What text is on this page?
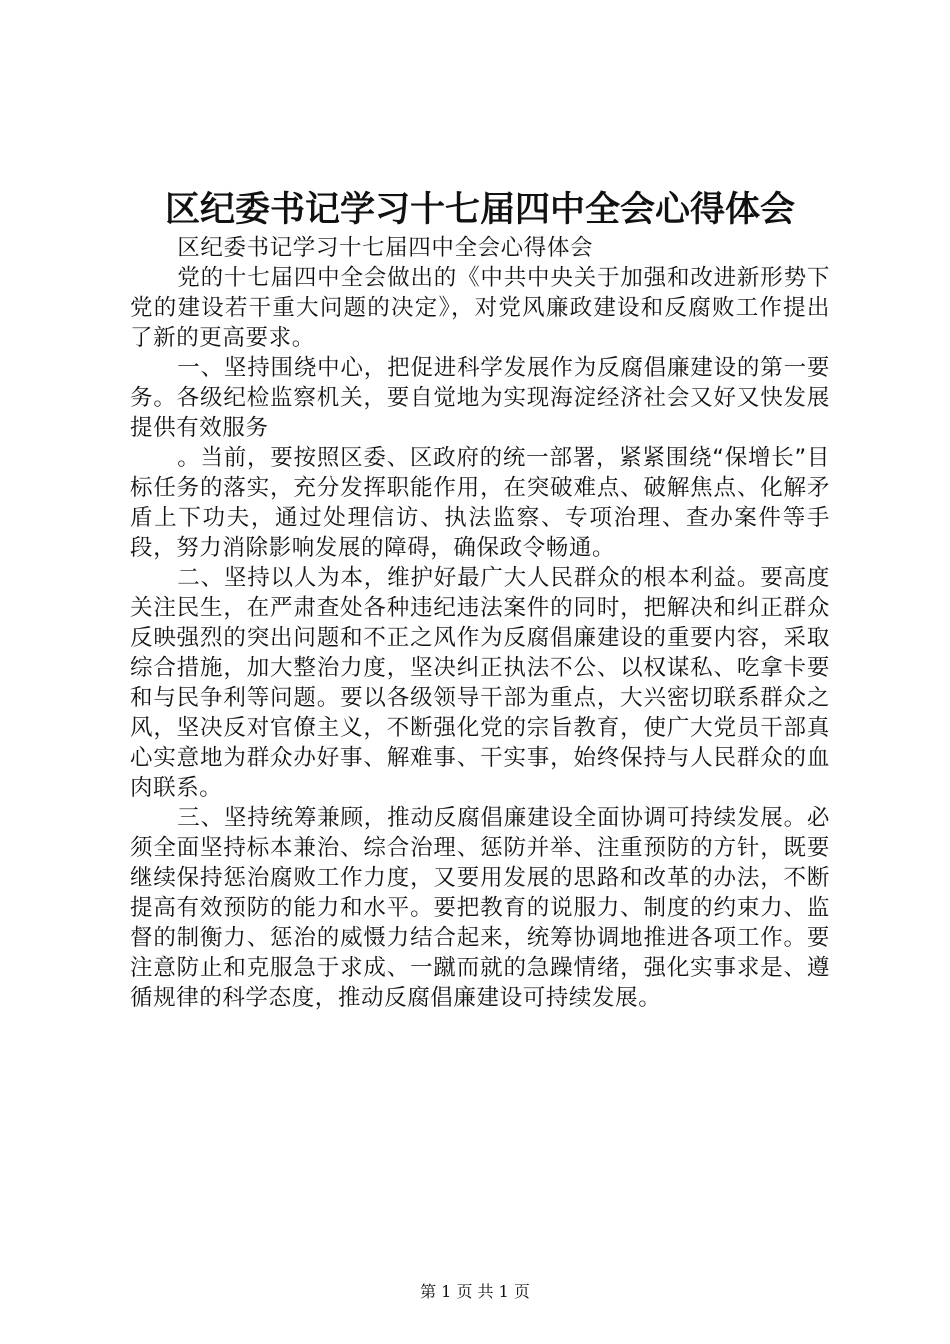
区纪委书记学习十七届四中全会心得体会

区纪委书记学习十七届四中全会心得体会

党的十七届四中全会做出的《中共中央关于加强和改进新形势下党的建设若干重大问题的决定》，对党风廉政建设和反腐败工作提出了新的更高要求。

一、坚持围绕中心，把促进科学发展作为反腐倡廉建设的第一要务。各级纪检监察机关，要自觉地为实现海淀经济社会又好又快发展提供有效服务

。当前，要按照区委、区政府的统一部署，紧紧围绕“保增长”目标任务的落实，充分发挥职能作用，在突破难点、破解焦点、化解矛盾上下功夫，通过处理信访、执法监察、专项治理、查办案件等手段，努力消除影响发展的障碍，确保政令畅通。

二、坚持以人为本，维护好最广大人民群众的根本利益。要高度关注民生，在严肃查处各种违纪违法案件的同时，把解决和纠正群众反映强烈的突出问题和不正之风作为反腐倡廉建设的重要内容，采取综合措施，加大整治力度，坚决纠正执法不公、以权谋私、吃拿卡要和与民争利等问题。要以各级领导干部为重点，大兴密切联系群众之风，坚决反对官僚主义，不断强化党的宗旨教育，使广大党员干部真心实意地为群众办好事、解难事、干实事，始终保持与人民群众的血肉联系。

三、坚持统筹兼顾，推动反腐倡廉建设全面协调可持续发展。必须全面坚持标本兼治、综合治理、惩防并举、注重预防的方针，既要继续保持惩治腐败工作力度，又要用发展的思路和改革的办法，不断提高有效预防的能力和水平。要把教育的说服力、制度的约束力、监督的制衡力、惩治的威慑力结合起来，统筹协调地推进各项工作。要注意防止和克服急于求成、一蹴而就的急躁情绪，强化实事求是、遵循规律的科学态度，推动反腐倡廉建设可持续发展。

第 1 页 共 1 页
